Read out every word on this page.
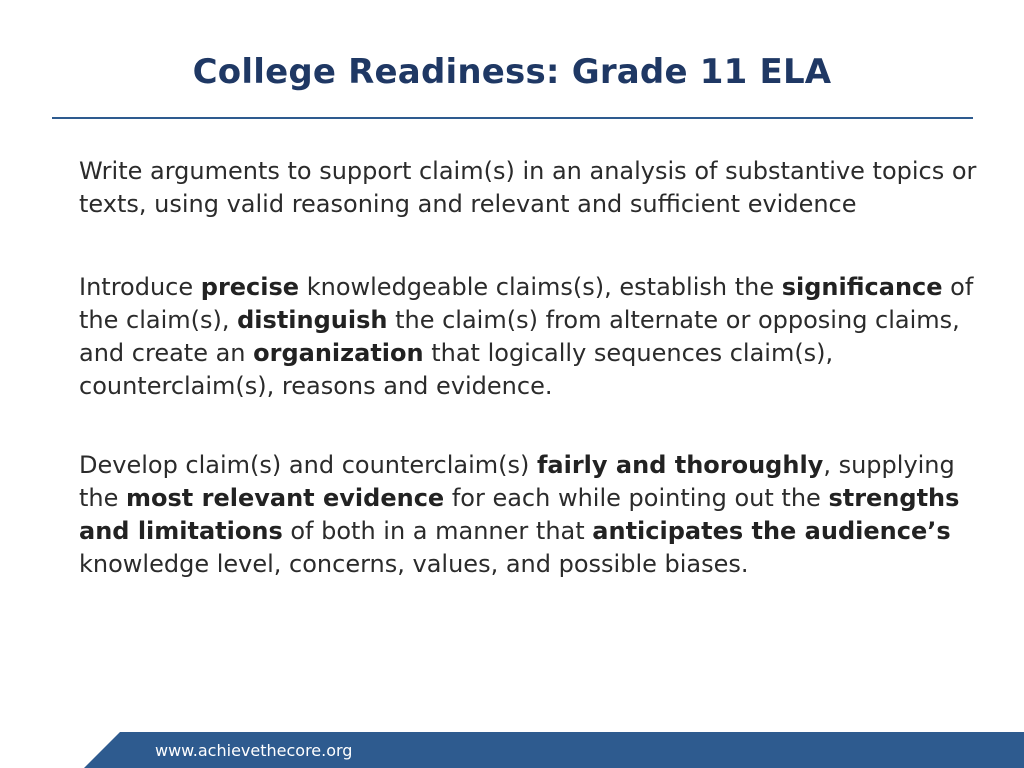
College Readiness: Grade 11 ELA

Write arguments to support claim(s) in an analysis of substantive topics or texts, using valid reasoning and relevant and sufficient evidence

Introduce precise knowledgeable claims(s), establish the significance of the claim(s), distinguish the claim(s) from alternate or opposing claims, and create an organization that logically sequences claim(s), counterclaim(s), reasons and evidence.

Develop claim(s) and counterclaim(s) fairly and thoroughly, supplying the most relevant evidence for each while pointing out the strengths and limitations of both in a manner that anticipates the audience’s knowledge level, concerns, values, and possible biases.

www.achievethecore.org
